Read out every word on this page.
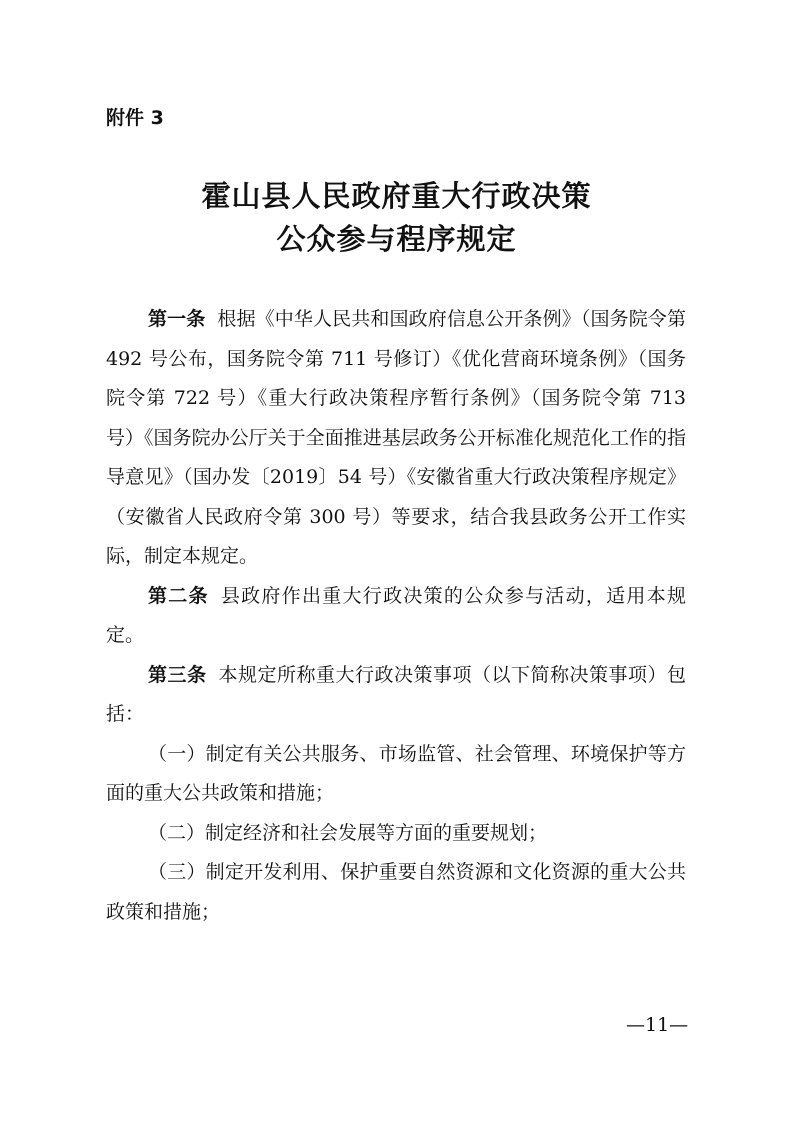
附件 3
霍山县人民政府重大行政决策
公众参与程序规定

第一条 根据《中华人民共和国政府信息公开条例》（国务院令第 492 号公布，国务院令第 711 号修订）《优化营商环境条例》（国务院令第 722 号）《重大行政决策程序暂行条例》（国务院令第 713 号）《国务院办公厅关于全面推进基层政务公开标准化规范化工作的指导意见》（国办发〔2019〕54 号）《安徽省重大行政决策程序规定》（安徽省人民政府令第 300 号）等要求，结合我县政务公开工作实际，制定本规定。

第二条 县政府作出重大行政决策的公众参与活动，适用本规定。

第三条 本规定所称重大行政决策事项（以下简称决策事项）包括：

（一）制定有关公共服务、市场监管、社会管理、环境保护等方面的重大公共政策和措施；

（二）制定经济和社会发展等方面的重要规划；

（三）制定开发利用、保护重要自然资源和文化资源的重大公共政策和措施；

—11—
